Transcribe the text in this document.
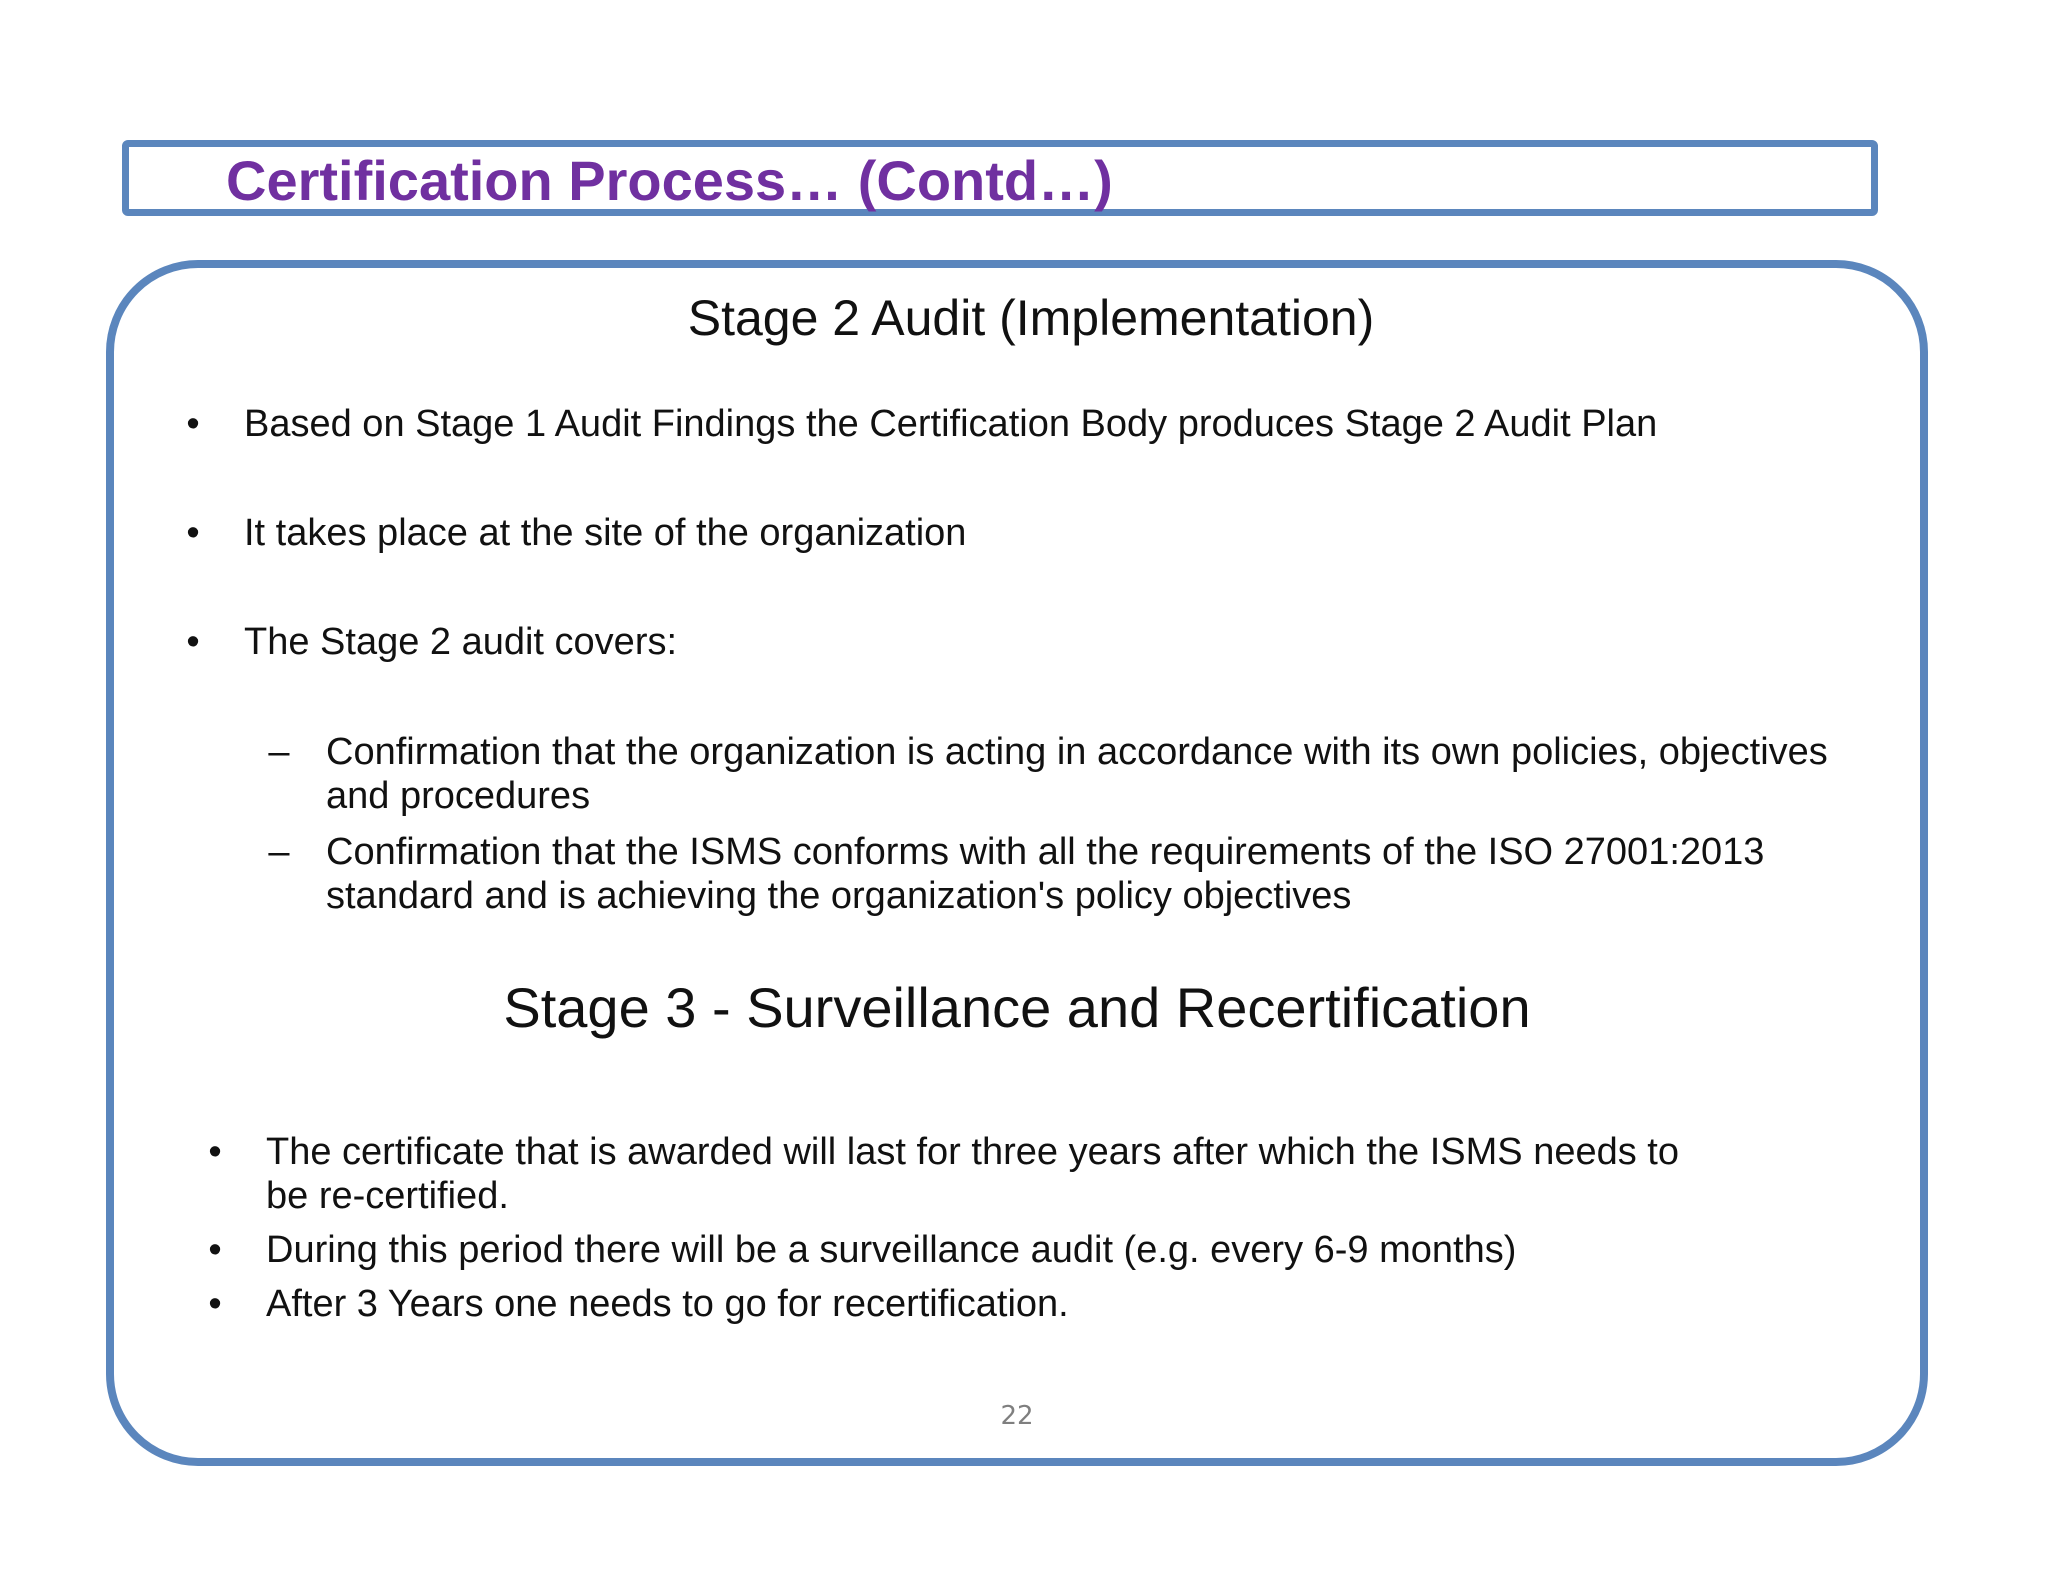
Certification Process… (Contd…)
Stage 2 Audit (Implementation)
• Based on Stage 1 Audit Findings the Certification Body produces Stage 2 Audit Plan
• It takes place at the site of the organization
• The Stage 2 audit covers:
– Confirmation that the organization is acting in accordance with its own policies, objectives and procedures
– Confirmation that the ISMS conforms with all the requirements of the ISO 27001:2013 standard and is achieving the organization's policy objectives
Stage 3 - Surveillance and Recertification
• The certificate that is awarded will last for three years after which the ISMS needs to be re-certified.
• During this period there will be a surveillance audit (e.g. every 6-9 months)
• After 3 Years one needs to go for recertification.
22
